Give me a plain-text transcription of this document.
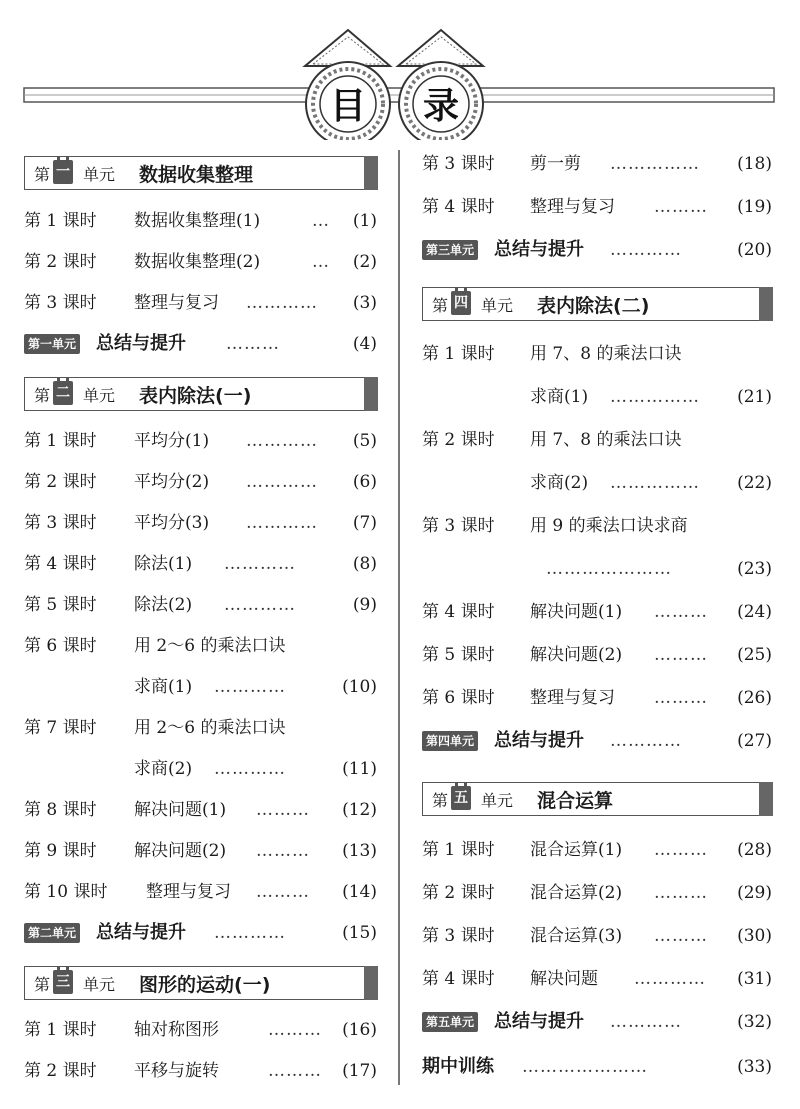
目 录
第 一 单元 数据收集整理
第 1 课时 数据收集整理(1)	… (1)
第 2 课时 数据收集整理(2)	… (2)
第 3 课时 整理与复习 ………… (3)
第一单元 总结与提升 ………	(4)
第 二 单元 表内除法(一)
第 1 课时 平均分(1) ………… (5)
第 2 课时 平均分(2) ………… (6)
第 3 课时 平均分(3) ………… (7)
第 4 课时 除法(1) …………	(8)
第 5 课时 除法(2) …………	(9)
第 6 课时 用 2～6 的乘法口诀
求商(1) …………	(10)
第 7 课时 用 2～6 的乘法口诀
求商(2) …………	(11)
第 8 课时 解决问题(1) ……… (12)
第 9 课时 解决问题(2) ……… (13)
第 10 课时 整理与复习 ……… (14)
第二单元 总结与提升 …………	(15)
第 三 单元 图形的运动(一)
第 1 课时 轴对称图形	……… (16)
第 2 课时 平移与旋转	……… (17)
第 3 课时 剪一剪 …………… (18)
第 4 课时 整理与复习 ……… (19)
第三单元 总结与提升 …………	(20)
第 四 单元 表内除法(二)
第 1 课时 用 7、8 的乘法口诀
求商(1) …………… (21)
第 2 课时 用 7、8 的乘法口诀
求商(2) …………… (22)
第 3 课时 用 9 的乘法口诀求商
…………………	(23)
第 4 课时 解决问题(1) ……… (24)
第 5 课时 解决问题(2) ……… (25)
第 6 课时 整理与复习 ……… (26)
第四单元 总结与提升 …………	(27)
第 五 单元 混合运算
第 1 课时 混合运算(1) ……… (28)
第 2 课时 混合运算(2) ……… (29)
第 3 课时 混合运算(3) ……… (30)
第 4 课时 解决问题 ………… (31)
第五单元 总结与提升 …………	(32)
期中训练 …………………	(33)
